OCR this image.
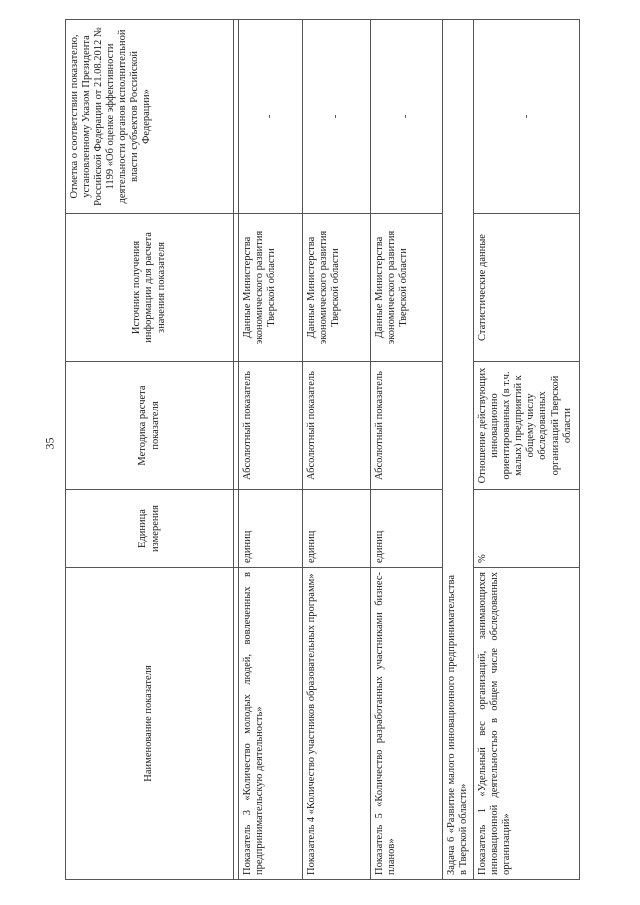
35
Наименование показателя	Единица измерения	Методика расчета показателя	Источник получения информации для расчета значения показателя	Отметка о соответствии показателю, установленному Указом Президента Российской Федерации от 21.08.2012 № 1199 «Об оценке эффективности деятельности органов исполнительной власти субъектов Российской Федерации»

Показатель 3 «Количество молодых людей, вовлеченных в предпринимательскую деятельность»	единиц	Абсолютный показатель	Данные Министерства экономического развития Тверской области	-
Показатель 4 «Количество участников образовательных программ»	единиц	Абсолютный показатель	Данные Министерства экономического развития Тверской области	-
Показатель 5 «Количество разработанных участниками бизнес-планов»	единиц	Абсолютный показатель	Данные Министерства экономического развития Тверской области	-

Задача 6 «Развитие малого инновационного предпринимательства в Тверской области»				

Показатель 1 «Удельный вес организаций, занимающихся инновационной деятельностью в общем числе обследованных организаций»	%	Отношение действующих инновационно ориентированных (в т.ч. малых) предприятий к общему числу обследованных организаций Тверской области	Статистические данные	-
